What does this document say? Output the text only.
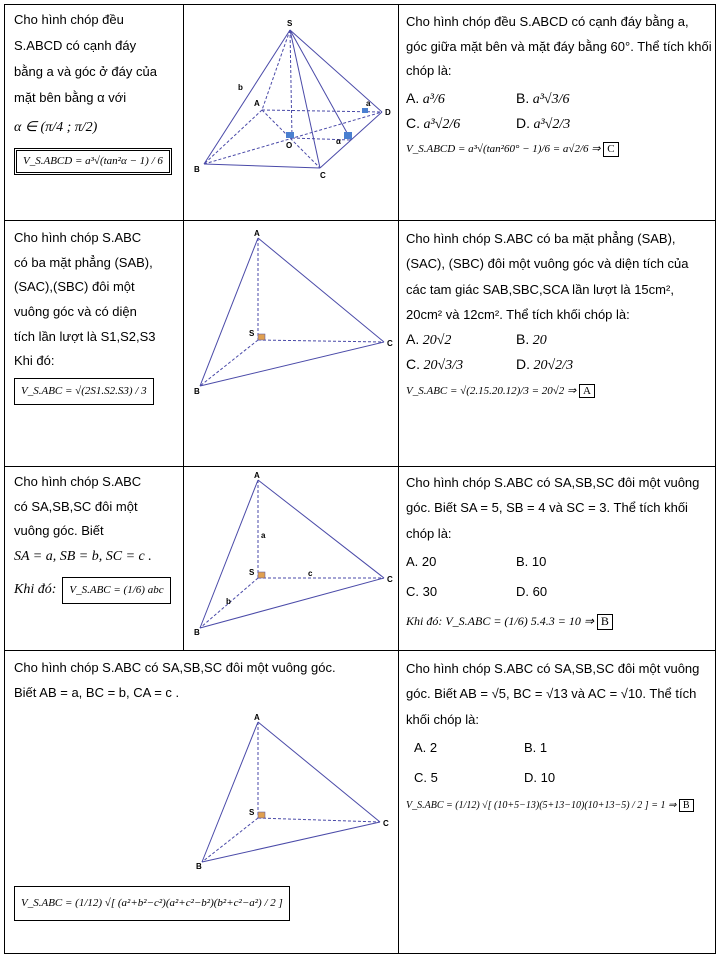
Cho hình chóp đều
S.ABCD có cạnh đáy
bằng a và góc ở đáy của
mặt bên bằng α với
α ∈ (π/4 ; π/2)
V_S.ABCD = a³√(tan²α − 1) / 6
S
A
B
C
D
O
b
a
α
Cho hình chóp đều S.ABCD có cạnh đáy bằng a, góc giữa mặt bên và mặt đáy bằng 60°. Thể tích khối chóp là:
A. a³/6	B. a³√3/6
C. a³√2/6	D. a³√2/3
V_S.ABCD = a³√(tan²60° − 1)/6 = a√2/6 ⇒ C
Cho hình chóp S.ABC
có ba mặt phẳng (SAB),
(SAC),(SBC) đôi một
vuông góc và có diện
tích lần lượt là S1,S2,S3
Khi đó:
V_S.ABC = √(2S1.S2.S3) / 3
A
S
B
C
Cho hình chóp S.ABC có ba mặt phẳng (SAB), (SAC), (SBC) đôi một vuông góc và diện tích của các tam giác SAB,SBC,SCA lần lượt là 15cm², 20cm² và 12cm². Thể tích khối chóp là:
A. 20√2	B. 20
C. 20√3/3	D. 20√2/3
V_S.ABC = √(2.15.20.12)/3 = 20√2 ⇒ A
Cho hình chóp S.ABC
có SA,SB,SC đôi một
vuông góc. Biết
SA = a, SB = b, SC = c .
Khi đó:	V_S.ABC = (1/6) abc
A
S
B
C
a
b
c
Cho hình chóp S.ABC có SA,SB,SC đôi một vuông góc. Biết SA = 5, SB = 4 và SC = 3. Thể tích khối chóp là:
A. 20	B. 10
C. 30	D. 60
Khi đó: V_S.ABC = (1/6) 5.4.3 = 10 ⇒ B
Cho hình chóp S.ABC có SA,SB,SC đôi một vuông góc.
Biết AB = a, BC = b, CA = c .
A
S
B
C
V_S.ABC = (1/12) √[ (a²+b²−c²)(a²+c²−b²)(b²+c²−a²) / 2 ]
Cho hình chóp S.ABC có SA,SB,SC đôi một vuông góc. Biết AB = √5, BC = √13 và AC = √10. Thể tích khối chóp là:
A. 2	B. 1
C. 5	D. 10
V_S.ABC = (1/12) √[ (10+5−13)(5+13−10)(10+13−5) / 2 ] = 1 ⇒ B
